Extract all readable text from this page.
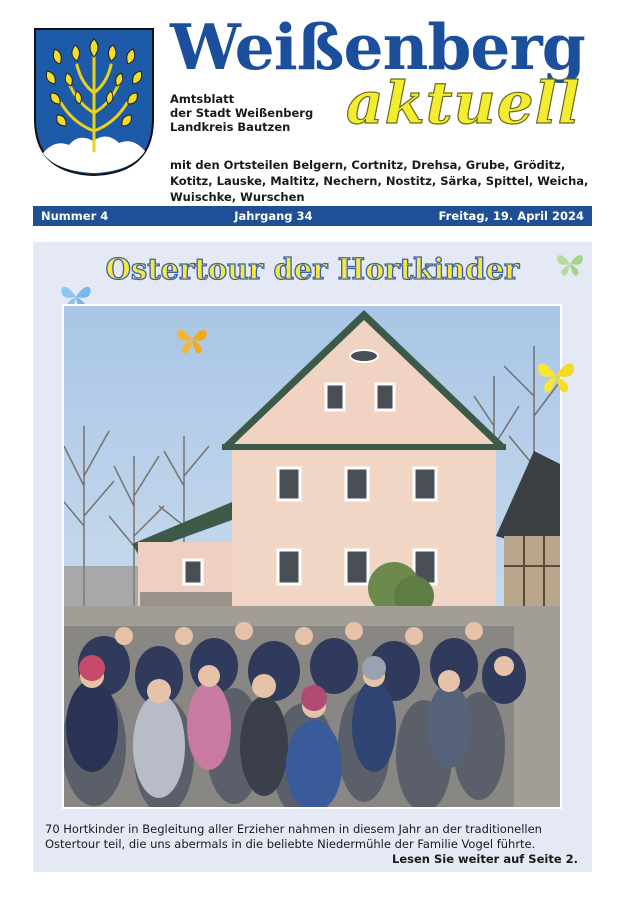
Weißenberg
aktuell
Amtsblatt
der Stadt Weißenberg
Landkreis Bautzen
mit den Ortsteilen Belgern, Cortnitz, Drehsa, Grube, Gröditz, Kotitz, Lauske, Maltitz, Nechern, Nostitz, Särka, Spittel, Weicha, Wuischke, Wurschen
Nummer 4	Jahrgang 34	Freitag, 19. April 2024
Ostertour der Hortkinder
70 Hortkinder in Begleitung aller Erzieher nahmen in diesem Jahr an der traditionellen Ostertour teil, die uns abermals in die beliebte Niedermühle der Familie Vogel führte.
Lesen Sie weiter auf Seite 2.
